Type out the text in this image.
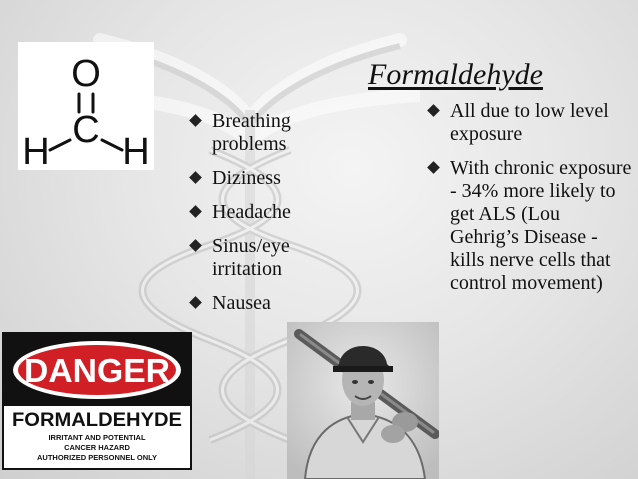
O
C
H H
Formaldehyde
Breathing problems
Diziness
Headache
Sinus/eye irritation
Nausea
All due to low level exposure
With chronic exposure - 34% more likely to get ALS (Lou Gehrig’s Disease - kills nerve cells that control movement)
DANGER
FORMALDEHYDE
IRRITANT AND POTENTIAL
CANCER HAZARD
AUTHORIZED PERSONNEL ONLY
